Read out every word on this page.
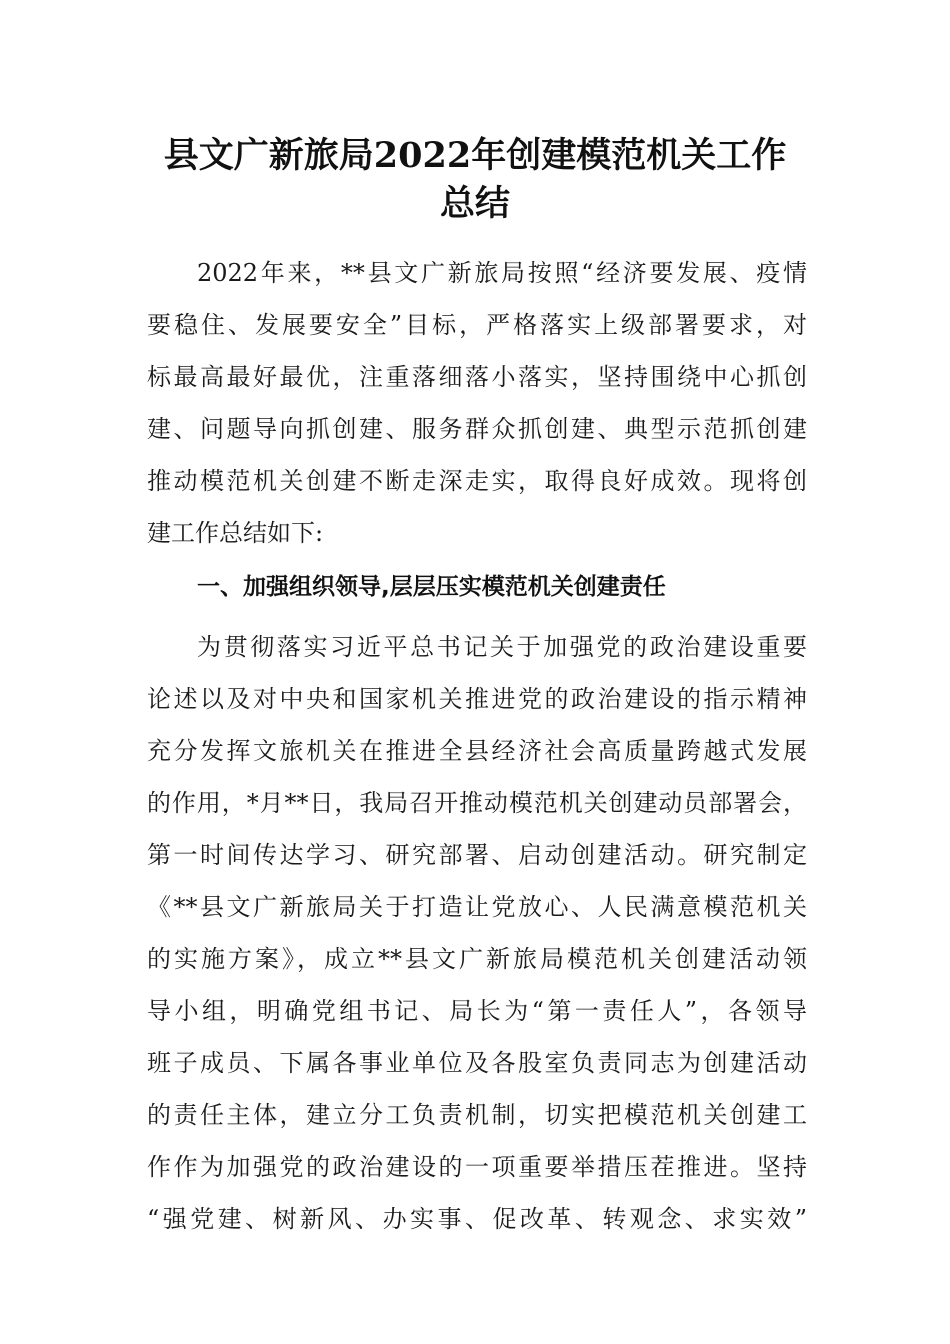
县文广新旅局2022年创建模范机关工作
总结
2022年来，**县文广新旅局按照“经济要发展、疫情
要稳住、发展要安全”目标，严格落实上级部署要求，对
标最高最好最优，注重落细落小落实，坚持围绕中心抓创
建、问题导向抓创建、服务群众抓创建、典型示范抓创建
推动模范机关创建不断走深走实，取得良好成效。现将创
建工作总结如下:
一、加强组织领导,层层压实模范机关创建责任
为贯彻落实习近平总书记关于加强党的政治建设重要
论述以及对中央和国家机关推进党的政治建设的指示精神
充分发挥文旅机关在推进全县经济社会高质量跨越式发展
的作用，*月**日，我局召开推动模范机关创建动员部署会，
第一时间传达学习、研究部署、启动创建活动。研究制定
《**县文广新旅局关于打造让党放心、人民满意模范机关
的实施方案》，成立**县文广新旅局模范机关创建活动领
导小组，明确党组书记、局长为“第一责任人”，各领导
班子成员、下属各事业单位及各股室负责同志为创建活动
的责任主体，建立分工负责机制，切实把模范机关创建工
作作为加强党的政治建设的一项重要举措压茬推进。坚持
“强党建、树新风、办实事、促改革、转观念、求实效”
